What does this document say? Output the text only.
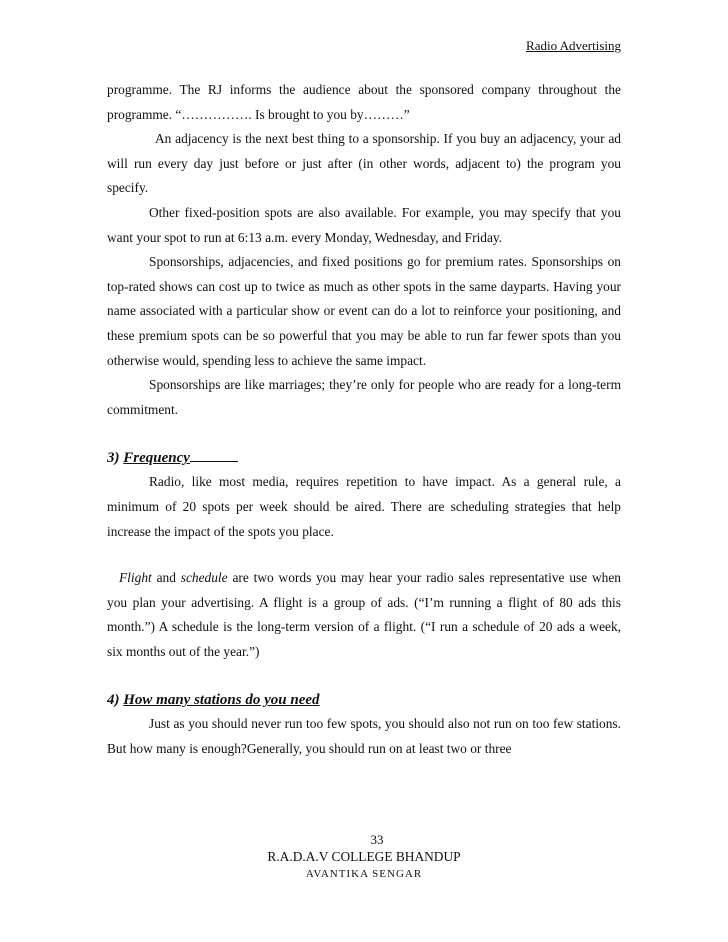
Radio Advertising

programme. The RJ informs the audience about the sponsored company throughout the programme. “……………. Is brought to you by………”

An adjacency is the next best thing to a sponsorship. If you buy an adjacency, your ad will run every day just before or just after (in other words, adjacent to) the program you specify.

Other fixed-position spots are also available. For example, you may specify that you want your spot to run at 6:13 a.m. every Monday, Wednesday, and Friday.

Sponsorships, adjacencies, and fixed positions go for premium rates. Sponsorships on top-rated shows can cost up to twice as much as other spots in the same dayparts. Having your name associated with a particular show or event can do a lot to reinforce your positioning, and these premium spots can be so powerful that you may be able to run far fewer spots than you otherwise would, spending less to achieve the same impact.

Sponsorships are like marriages; they’re only for people who are ready for a long-term commitment.

3) Frequency

Radio, like most media, requires repetition to have impact. As a general rule, a minimum of 20 spots per week should be aired. There are scheduling strategies that help increase the impact of the spots you place.

Flight and schedule are two words you may hear your radio sales representative use when you plan your advertising. A flight is a group of ads. (“I’m running a flight of 80 ads this month.”) A schedule is the long-term version of a flight. (“I run a schedule of 20 ads a week, six months out of the year.”)

4) How many stations do you need

Just as you should never run too few spots, you should also not run on too few stations. But how many is enough?Generally, you should run on at least two or three

33
R.A.D.A.V COLLEGE BHANDUP
AVANTIKA SENGAR
